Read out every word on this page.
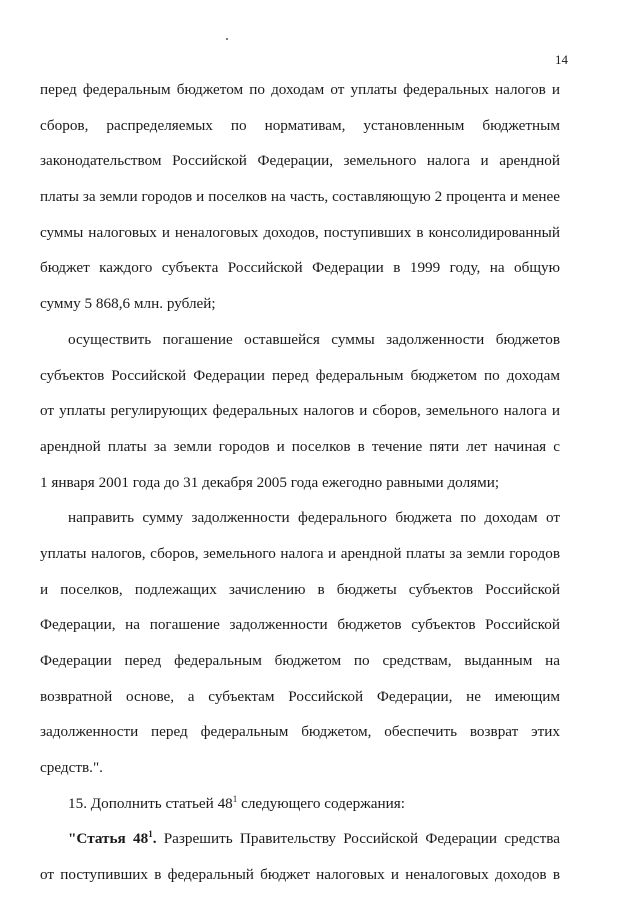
14
перед федеральным бюджетом по доходам от уплаты федеральных налогов и
сборов, распределяемых по нормативам, установленным бюджетным
законодательством Российской Федерации, земельного налога и арендной
платы за земли городов и поселков на часть, составляющую 2 процента и менее
суммы налоговых и неналоговых доходов, поступивших в консолидированный
бюджет каждого субъекта Российской Федерации в 1999 году, на общую
сумму 5 868,6 млн. рублей;
осуществить погашение оставшейся суммы задолженности бюджетов
субъектов Российской Федерации перед федеральным бюджетом по доходам
от уплаты регулирующих федеральных налогов и сборов, земельного налога и
арендной платы за земли городов и поселков в течение пяти лет начиная с
1 января 2001 года до 31 декабря 2005 года ежегодно равными долями;
направить сумму задолженности федерального бюджета по доходам от
уплаты налогов, сборов, земельного налога и арендной платы за земли городов
и поселков, подлежащих зачислению в бюджеты субъектов Российской
Федерации, на погашение задолженности бюджетов субъектов Российской
Федерации перед федеральным бюджетом по средствам, выданным на
возвратной основе, а субъектам Российской Федерации, не имеющим
задолженности перед федеральным бюджетом, обеспечить возврат этих
средств.".
15. Дополнить статьей $48^1$ следующего содержания:
"Статья $48^1$. Разрешить Правительству Российской Федерации средства
от поступивших в федеральный бюджет налоговых и неналоговых доходов в
